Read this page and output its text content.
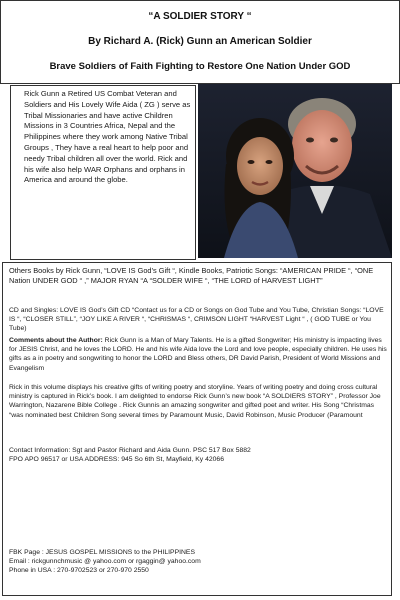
“A SOLDIER STORY “
By Richard A. (Rick) Gunn an American Soldier
Brave Soldiers of Faith Fighting to Restore One Nation Under GOD
Rick Gunn a Retired US Combat Veteran and Soldiers and His Lovely Wife Aida ( ZG ) serve as Tribal Missionaries and have active Children Missions in 3 Countries Africa, Nepal and the Philippines where they work among Native Tribal Groups , They have a real heart to help poor and needy Tribal children all over the world. Rick and his wife also help WAR Orphans and orphans in America and around the globe.
Others Books by Rick Gunn, “LOVE IS God’s Gift “, Kindle Books, Patriotic Songs: “AMERICAN PRIDE “, “ONE Nation UNDER GOD “ ,” MAJOR RYAN “A “SOLDER WIFE “, “THE LORD of HARVEST LIGHT”
CD and Singles: LOVE IS God’s Gift CD “Contact us for a CD or Songs on God Tube and You Tube, Christian Songs: “LOVE IS “, “CLOSER STILL”, “JOY LIKE A RIVER “, “CHRISMAS “, CRIMSON LIGHT “HARVEST Light “ , ( GOD TUBE or You Tube)
Comments about the Author: Rick Gunn is a Man of Mary Talents. He is a gifted Songwriter; His ministry is impacting lives for JESIS Christ, and he loves the LORD. He and his wife Aida love the Lord and love people, especially children. He uses his gifts as a in poetry and songwriting to honor the LORD and Bless others, DR David Parish, President of World Missions and Evangelism
Rick in this volume displays his creative gifts of writing poetry and storyline. Years of writing poetry and doing cross cultural ministry is captured in Rick’s book. I am delighted to endorse Rick Gunn’s new book “A SOLDIERS STORY” , Professor Joe Warrington, Nazarene Bible College . Rick Gunnis an amazing songwriter and gifted poet and writer. His Song “Christmas “was nominated best Children Song several times by Paramount Music, David Robinson, Music Producer (Paramount
Contact Information: Sgt and Pastor Richard and Aida Gunn. PSC 517 Box 5882
FPO APO 96517 or USA ADDRESS: 945 So 6th St, Mayfield, Ky 42066
FBK Page : JESUS GOSPEL MISSIONS to the PHILIPPINES
Email : rickgunnchmusic @ yahoo.com or rgaggin@ yahoo.com
Phone in USA : 270-9702523 or 270-970 2550
